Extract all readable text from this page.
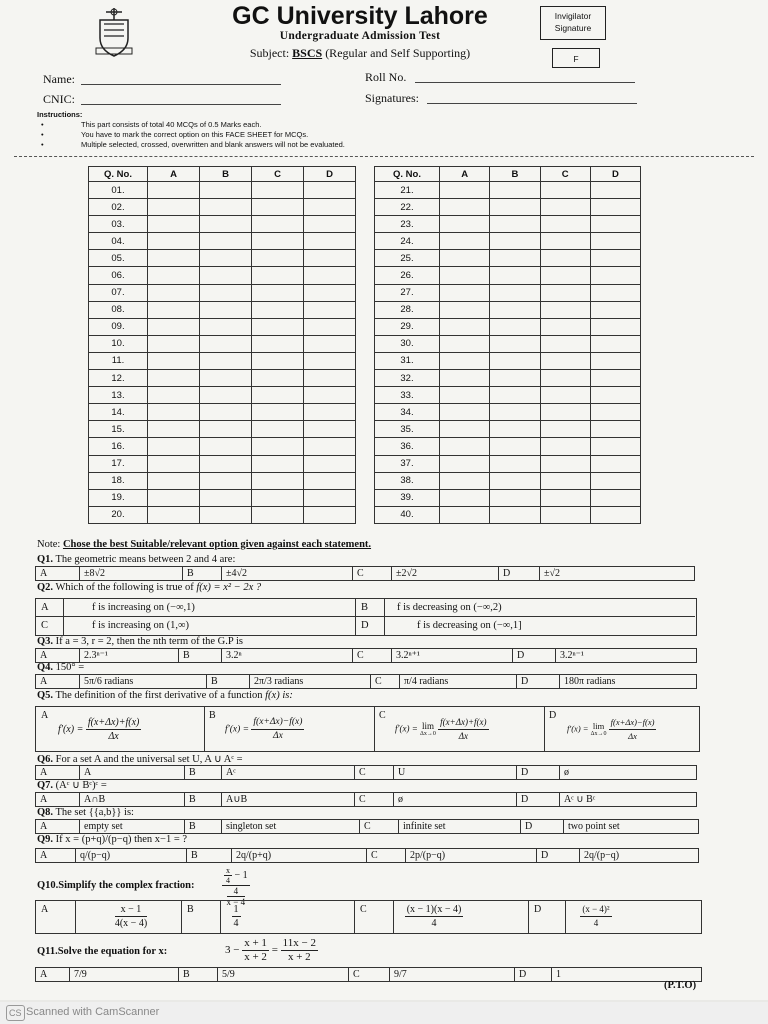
GC University Lahore
Undergraduate Admission Test
Subject: BSCS (Regular and Self Supporting)
Invigilator Signature
F
Name:
CNIC:
Roll No.
Signatures:
Instructions:
• This part consists of total 40 MCQs of 0.5 Marks each.
• You have to mark the correct option on this FACE SHEET for MCQs.
• Multiple selected, crossed, overwritten and blank answers will not be evaluated.
Q. No.	A	B	C	D
01.				
02.				
03.				
04.				
05.				
06.				
07.				
08.				
09.				
10.				
11.				
12.				
13.				
14.				
15.				
16.				
17.				
18.				
19.				
20.				
Q. No.	A	B	C	D
21.				
22.				
23.				
24.				
25.				
26.				
27.				
28.				
29.				
30.				
31.				
32.				
33.				
34.				
35.				
36.				
37.				
38.				
39.				
40.				
Note: Chose the best Suitable/relevant option given against each statement.
Q1. The geometric means between 2 and 4 are:
A	±8√2	B	±4√2	C	±2√2	D	±√2
Q2. Which of the following is true of f(x) = x² − 2x ?
A	f is increasing on (−∞,1)	B	f is decreasing on (−∞,2)
C	f is increasing on (1,∞)	D	f is decreasing on (−∞,1]
Q3. If a = 3, r = 2, then the nth term of the G.P is
A	2.3ⁿ⁻¹	B	3.2ⁿ	C	3.2ⁿ⁺¹	D	3.2ⁿ⁻¹
Q4. 150° =
A	5π/6 radians	B	2π/3 radians	C	π/4 radians	D	180π radians
Q5. The definition of the first derivative of a function f(x) is:
A
$f'(x) = \frac{f(x+\Delta x)+f(x)}{\Delta x}$
B
$f'(x) = \frac{f(x+\Delta x)-f(x)}{\Delta x}$
C
f′(x) = lim
Δx→0
$\frac{f(x+\Delta x)+f(x)}{\Delta x}$
D
f′(x) = lim
Δx→0
$\frac{f(x+\Delta x)-f(x)}{\Delta x}$
Q6. For a set A and the universal set U, A ∪ Aᶜ =
A	A	B	Aᶜ	C	U	D	ø
Q7. (Aᶜ ∪ Bᶜ)ᶜ =
A	A∩B	B	A∪B	C	ø	D	Aᶜ ∪ Bᶜ
Q8. The set {{a,b}} is:
A	empty set	B	singleton set	C	infinite set	D	two point set
Q9. If x = (p+q)/(p−q) then x−1 = ?
A	q/(p−q)	B	2q/(p+q)	C	2p/(p−q)	D	2q/(p−q)
Q10.Simplify the complex fraction:	$\frac{\frac{x}{4} - 1}{\frac{4}{x - 4}}$
A	$\frac{x - 1}{4(x - 4)}$	B	$\frac{1}{4}$	C	$\frac{(x - 1)(x - 4)}{4}$	D	$\frac{\text{(x − 4)²}}{4}$
Q11.Solve the equation for x:	$3 - \frac{x + 1}{x + 2} = \frac{11x - 2}{x + 2}$
A	7/9	B	5/9	C	9/7	D	1
(P.T.O)
CS Scanned with CamScanner
